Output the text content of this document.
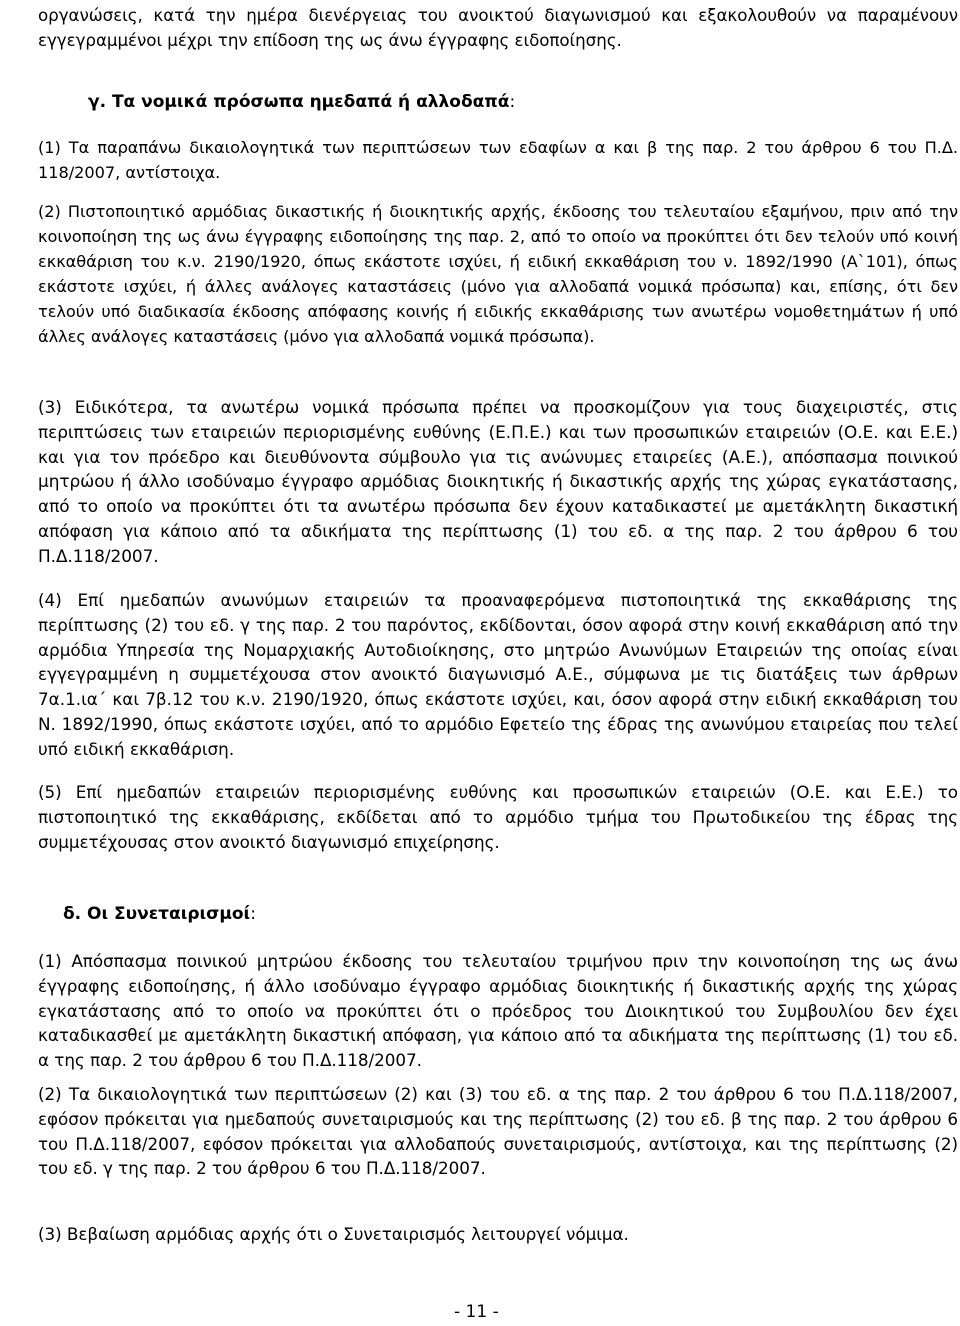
οργανώσεις, κατά την ημέρα διενέργειας του ανοικτού διαγωνισμού και εξακολουθούν να παραμένουν εγγεγραμμένοι μέχρι την επίδοση της ως άνω έγγραφης ειδοποίησης.

γ. Τα νομικά πρόσωπα ημεδαπά ή αλλοδαπά:

(1) Τα παραπάνω δικαιολογητικά των περιπτώσεων των εδαφίων α και β της παρ. 2 του άρθρου 6 του Π.Δ. 118/2007, αντίστοιχα.

(2) Πιστοποιητικό αρμόδιας δικαστικής ή διοικητικής αρχής, έκδοσης του τελευταίου εξαμήνου, πριν από την κοινοποίηση της ως άνω έγγραφης ειδοποίησης της παρ. 2, από το οποίο να προκύπτει ότι δεν τελούν υπό κοινή εκκαθάριση του κ.ν. 2190/1920, όπως εκάστοτε ισχύει, ή ειδική εκκαθάριση του ν. 1892/1990 (Α`101), όπως εκάστοτε ισχύει, ή άλλες ανάλογες καταστάσεις (μόνο για αλλοδαπά νομικά πρόσωπα) και, επίσης, ότι δεν τελούν υπό διαδικασία έκδοσης απόφασης κοινής ή ειδικής εκκαθάρισης των ανωτέρω νομοθετημάτων ή υπό άλλες ανάλογες καταστάσεις (μόνο για αλλοδαπά νομικά πρόσωπα).

(3) Ειδικότερα, τα ανωτέρω νομικά πρόσωπα πρέπει να προσκομίζουν για τους διαχειριστές, στις περιπτώσεις των εταιρειών περιορισμένης ευθύνης (Ε.Π.Ε.) και των προσωπικών εταιρειών (Ο.Ε. και Ε.Ε.) και για τον πρόεδρο και διευθύνοντα σύμβουλο για τις ανώνυμες εταιρείες (Α.Ε.), απόσπασμα ποινικού μητρώου ή άλλο ισοδύναμο έγγραφο αρμόδιας διοικητικής ή δικαστικής αρχής της χώρας εγκατάστασης, από το οποίο να προκύπτει ότι τα ανωτέρω πρόσωπα δεν έχουν καταδικαστεί με αμετάκλητη δικαστική απόφαση για κάποιο από τα αδικήματα της περίπτωσης (1) του εδ. α της παρ. 2 του άρθρου 6 του Π.Δ.118/2007.

(4) Επί ημεδαπών ανωνύμων εταιρειών τα προαναφερόμενα πιστοποιητικά της εκκαθάρισης της περίπτωσης (2) του εδ. γ της παρ. 2 του παρόντος, εκδίδονται, όσον αφορά στην κοινή εκκαθάριση από την αρμόδια Υπηρεσία της Νομαρχιακής Αυτοδιοίκησης, στο μητρώο Ανωνύμων Εταιρειών της οποίας είναι εγγεγραμμένη η συμμετέχουσα στον ανοικτό διαγωνισμό Α.Ε., σύμφωνα με τις διατάξεις των άρθρων 7α.1.ια΄ και 7β.12 του κ.ν. 2190/1920, όπως εκάστοτε ισχύει, και, όσον αφορά στην ειδική εκκαθάριση του Ν. 1892/1990, όπως εκάστοτε ισχύει, από το αρμόδιο Εφετείο της έδρας της ανωνύμου εταιρείας που τελεί υπό ειδική εκκαθάριση.

(5) Επί ημεδαπών εταιρειών περιορισμένης ευθύνης και προσωπικών εταιρειών (Ο.Ε. και Ε.Ε.) το πιστοποιητικό της εκκαθάρισης, εκδίδεται από το αρμόδιο τμήμα του Πρωτοδικείου της έδρας της συμμετέχουσας στον ανοικτό διαγωνισμό επιχείρησης.

δ. Οι Συνεταιρισμοί:

(1) Απόσπασμα ποινικού μητρώου έκδοσης του τελευταίου τριμήνου πριν την κοινοποίηση της ως άνω έγγραφης ειδοποίησης, ή άλλο ισοδύναμο έγγραφο αρμόδιας διοικητικής ή δικαστικής αρχής της χώρας εγκατάστασης από το οποίο να προκύπτει ότι ο πρόεδρος του Διοικητικού του Συμβουλίου δεν έχει καταδικασθεί με αμετάκλητη δικαστική απόφαση, για κάποιο από τα αδικήματα της περίπτωσης (1) του εδ. α της παρ. 2 του άρθρου 6 του Π.Δ.118/2007.

(2) Τα δικαιολογητικά των περιπτώσεων (2) και (3) του εδ. α της παρ. 2 του άρθρου 6 του Π.Δ.118/2007, εφόσον πρόκειται για ημεδαπούς συνεταιρισμούς και της περίπτωσης (2) του εδ. β της παρ. 2 του άρθρου 6 του Π.Δ.118/2007, εφόσον πρόκειται για αλλοδαπούς συνεταιρισμούς, αντίστοιχα, και της περίπτωσης (2) του εδ. γ της παρ. 2 του άρθρου 6 του Π.Δ.118/2007.

(3) Βεβαίωση αρμόδιας αρχής ότι ο Συνεταιρισμός λειτουργεί νόμιμα.

- 11 -
